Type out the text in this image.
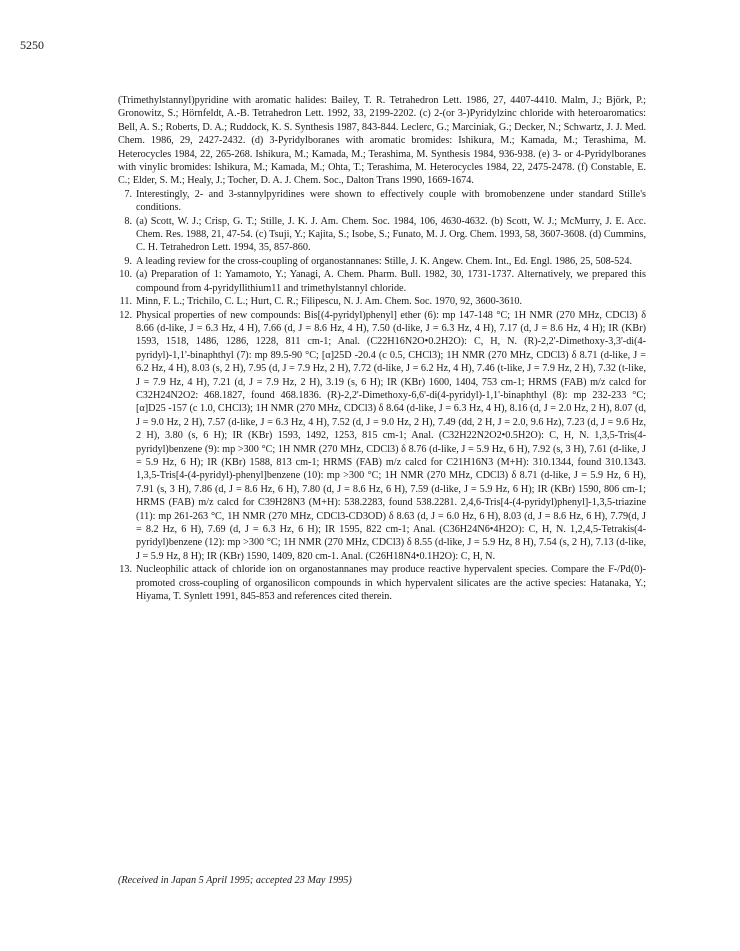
5250

(Trimethylstannyl)pyridine with aromatic halides: Bailey, T. R. Tetrahedron Lett. 1986, 27, 4407-4410. Malm, J.; Björk, P.; Gronowitz, S.; Hörnfeldt, A.-B. Tetrahedron Lett. 1992, 33, 2199-2202. (c) 2-(or 3-)Pyridylzinc chloride with heteroaromatics: Bell, A. S.; Roberts, D. A.; Ruddock, K. S. Synthesis 1987, 843-844. Leclerc, G.; Marciniak, G.; Decker, N.; Schwartz, J. J. Med. Chem. 1986, 29, 2427-2432. (d) 3-Pyridylboranes with aromatic bromides: Ishikura, M.; Kamada, M.; Terashima, M. Heterocycles 1984, 22, 265-268. Ishikura, M.; Kamada, M.; Terashima, M. Synthesis 1984, 936-938. (e) 3- or 4-Pyridylboranes with vinylic bromides: Ishikura, M.; Kamada, M.; Ohta, T.; Terashima, M. Heterocycles 1984, 22, 2475-2478. (f) Constable, E. C.; Elder, S. M.; Healy, J.; Tocher, D. A. J. Chem. Soc., Dalton Trans 1990, 1669-1674.

7. Interestingly, 2- and 3-stannylpyridines were shown to effectively couple with bromobenzene under standard Stille's conditions.
8. (a) Scott, W. J.; Crisp, G. T.; Stille, J. K. J. Am. Chem. Soc. 1984, 106, 4630-4632. (b) Scott, W. J.; McMurry, J. E. Acc. Chem. Res. 1988, 21, 47-54. (c) Tsuji, Y.; Kajita, S.; Isobe, S.; Funato, M. J. Org. Chem. 1993, 58, 3607-3608. (d) Cummins, C. H. Tetrahedron Lett. 1994, 35, 857-860.
9. A leading review for the cross-coupling of organostannanes: Stille, J. K. Angew. Chem. Int., Ed. Engl. 1986, 25, 508-524.
10. (a) Preparation of 1: Yamamoto, Y.; Yanagi, A. Chem. Pharm. Bull. 1982, 30, 1731-1737. Alternatively, we prepared this compound from 4-pyridyllithium11 and trimethylstannyl chloride.
11. Minn, F. L.; Trichilo, C. L.; Hurt, C. R.; Filipescu, N. J. Am. Chem. Soc. 1970, 92, 3600-3610.
12. Physical properties of new compounds: Bis[(4-pyridyl)phenyl] ether (6): mp 147-148 °C; 1H NMR (270 MHz, CDCl3) δ 8.66 (d-like, J = 6.3 Hz, 4 H), 7.66 (d, J = 8.6 Hz, 4 H), 7.50 (d-like, J = 6.3 Hz, 4 H), 7.17 (d, J = 8.6 Hz, 4 H); IR (KBr) 1593, 1518, 1486, 1286, 1228, 811 cm-1; Anal. (C22H16N2O•0.2H2O): C, H, N. (R)-2,2'-Dimethoxy-3,3'-di(4-pyridyl)-1,1'-binaphthyl (7): mp 89.5-90 °C; [α]25D -20.4 (c 0.5, CHCl3); 1H NMR (270 MHz, CDCl3) δ 8.71 (d-like, J = 6.2 Hz, 4 H), 8.03 (s, 2 H), 7.95 (d, J = 7.9 Hz, 2 H), 7.72 (d-like, J = 6.2 Hz, 4 H), 7.46 (t-like, J = 7.9 Hz, 2 H), 7.32 (t-like, J = 7.9 Hz, 4 H), 7.21 (d, J = 7.9 Hz, 2 H), 3.19 (s, 6 H); IR (KBr) 1600, 1404, 753 cm-1; HRMS (FAB) m/z calcd for C32H24N2O2: 468.1827, found 468.1836. (R)-2,2'-Dimethoxy-6,6'-di(4-pyridyl)-1,1'-binaphthyl (8): mp 232-233 °C; [α]D25 -157 (c 1.0, CHCl3); 1H NMR (270 MHz, CDCl3) δ 8.64 (d-like, J = 6.3 Hz, 4 H), 8.16 (d, J = 2.0 Hz, 2 H), 8.07 (d, J = 9.0 Hz, 2 H), 7.57 (d-like, J = 6.3 Hz, 4 H), 7.52 (d, J = 9.0 Hz, 2 H), 7.49 (dd, 2 H, J = 2.0, 9.6 Hz), 7.23 (d, J = 9.6 Hz, 2 H), 3.80 (s, 6 H); IR (KBr) 1593, 1492, 1253, 815 cm-1; Anal. (C32H22N2O2•0.5H2O): C, H, N. 1,3,5-Tris(4-pyridyl)benzene (9): mp >300 °C; 1H NMR (270 MHz, CDCl3) δ 8.76 (d-like, J = 5.9 Hz, 6 H), 7.92 (s, 3 H), 7.61 (d-like, J = 5.9 Hz, 6 H); IR (KBr) 1588, 813 cm-1; HRMS (FAB) m/z calcd for C21H16N3 (M+H): 310.1344, found 310.1343. 1,3,5-Tris[4-(4-pyridyl)-phenyl]benzene (10): mp >300 °C; 1H NMR (270 MHz, CDCl3) δ 8.71 (d-like, J = 5.9 Hz, 6 H), 7.91 (s, 3 H), 7.86 (d, J = 8.6 Hz, 6 H), 7.80 (d, J = 8.6 Hz, 6 H), 7.59 (d-like, J = 5.9 Hz, 6 H); IR (KBr) 1590, 806 cm-1; HRMS (FAB) m/z calcd for C39H28N3 (M+H): 538.2283, found 538.2281. 2,4,6-Tris[4-(4-pyridyl)phenyl]-1,3,5-triazine (11): mp 261-263 °C, 1H NMR (270 MHz, CDCl3-CD3OD) δ 8.63 (d, J = 6.0 Hz, 6 H), 8.03 (d, J = 8.6 Hz, 6 H), 7.79(d, J = 8.2 Hz, 6 H), 7.69 (d, J = 6.3 Hz, 6 H); IR 1595, 822 cm-1; Anal. (C36H24N6•4H2O): C, H, N. 1,2,4,5-Tetrakis(4-pyridyl)benzene (12): mp >300 °C; 1H NMR (270 MHz, CDCl3) δ 8.55 (d-like, J = 5.9 Hz, 8 H), 7.54 (s, 2 H), 7.13 (d-like, J = 5.9 Hz, 8 H); IR (KBr) 1590, 1409, 820 cm-1. Anal. (C26H18N4•0.1H2O): C, H, N.
13. Nucleophilic attack of chloride ion on organostannanes may produce reactive hypervalent species. Compare the F-/Pd(0)-promoted cross-coupling of organosilicon compounds in which hypervalent silicates are the active species: Hatanaka, Y.; Hiyama, T. Synlett 1991, 845-853 and references cited therein.
(Received in Japan 5 April 1995; accepted 23 May 1995)
